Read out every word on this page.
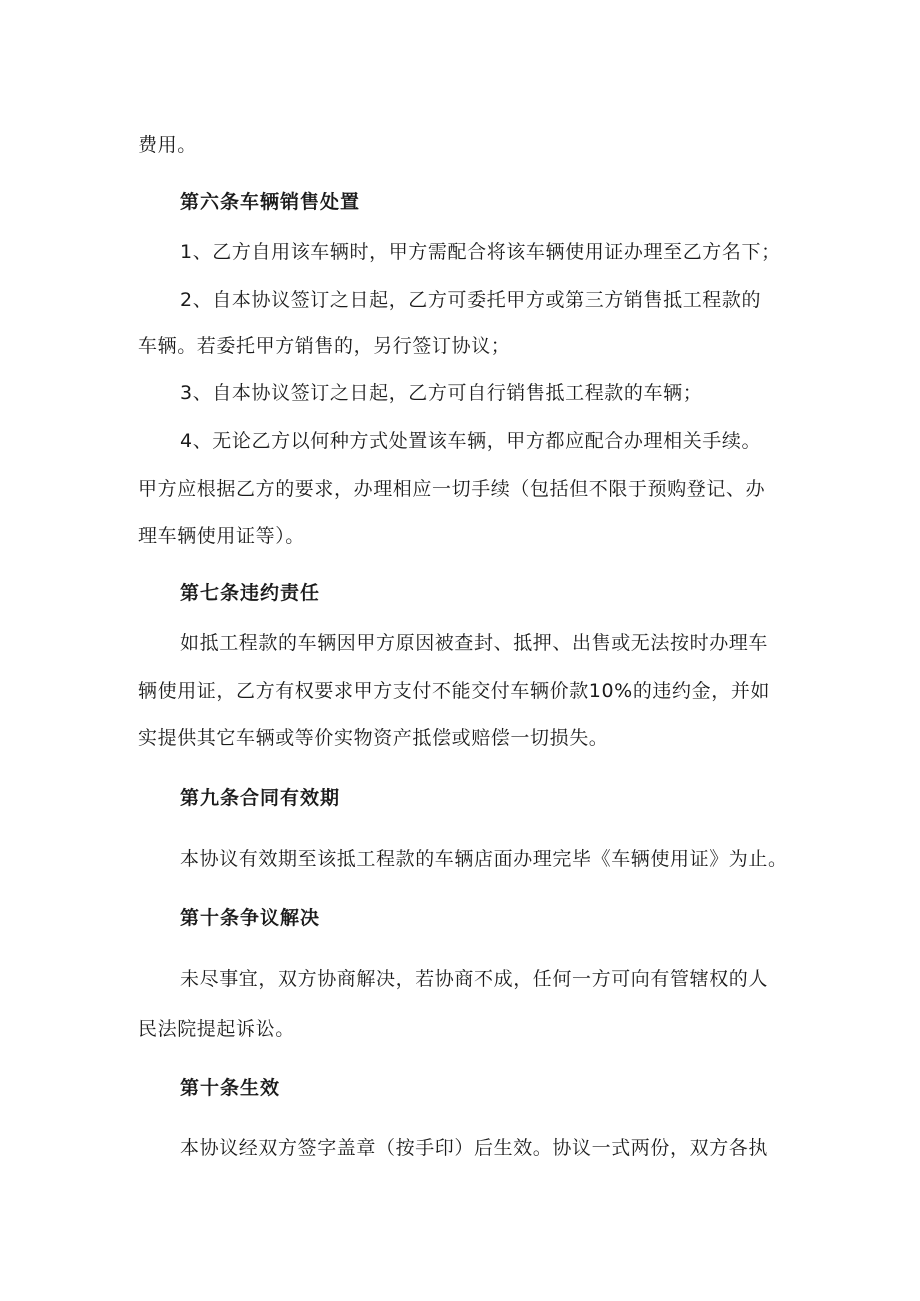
费用。
第六条车辆销售处置
1、乙方自用该车辆时，甲方需配合将该车辆使用证办理至乙方名下；
2、自本协议签订之日起，乙方可委托甲方或第三方销售抵工程款的
车辆。若委托甲方销售的，另行签订协议；
3、自本协议签订之日起，乙方可自行销售抵工程款的车辆；
4、无论乙方以何种方式处置该车辆，甲方都应配合办理相关手续。
甲方应根据乙方的要求，办理相应一切手续（包括但不限于预购登记、办
理车辆使用证等）。
第七条违约责任
如抵工程款的车辆因甲方原因被查封、抵押、出售或无法按时办理车
辆使用证，乙方有权要求甲方支付不能交付车辆价款10%的违约金，并如
实提供其它车辆或等价实物资产抵偿或赔偿一切损失。
第九条合同有效期
本协议有效期至该抵工程款的车辆店面办理完毕《车辆使用证》为止。
第十条争议解决
未尽事宜，双方协商解决，若协商不成，任何一方可向有管辖权的人
民法院提起诉讼。
第十条生效
本协议经双方签字盖章（按手印）后生效。协议一式两份，双方各执
